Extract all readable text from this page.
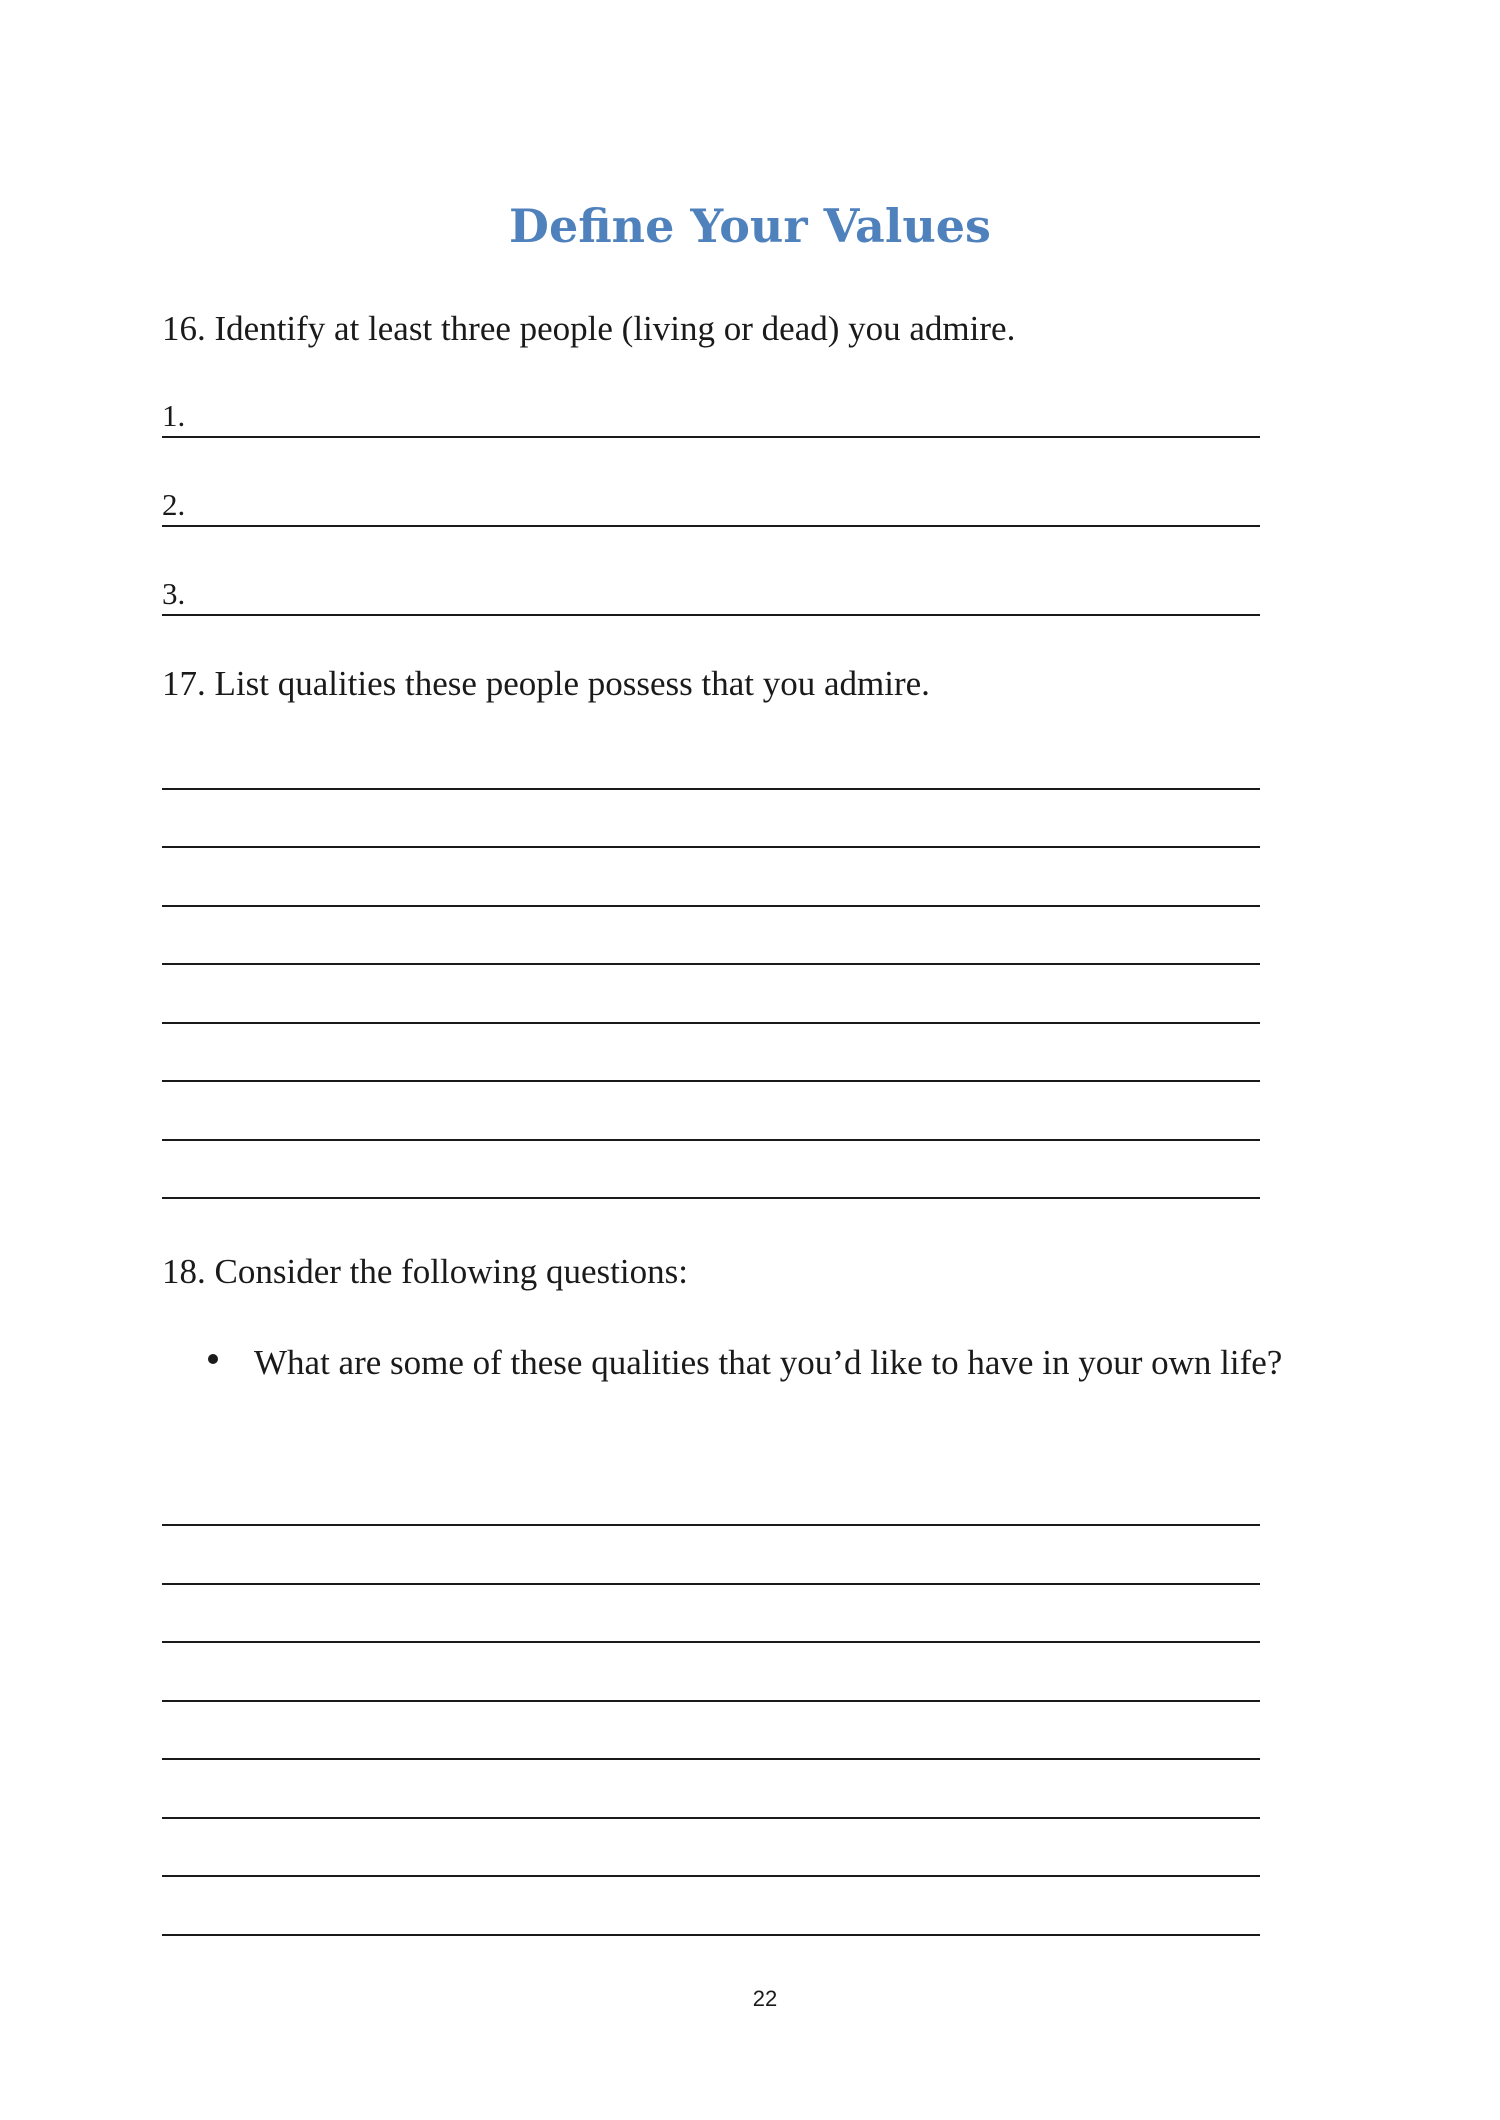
Define Your Values

16. Identify at least three people (living or dead) you admire.

1.
2.
3.

17. List qualities these people possess that you admire.

18. Consider the following questions:

What are some of these qualities that you’d like to have in your own life?

22
